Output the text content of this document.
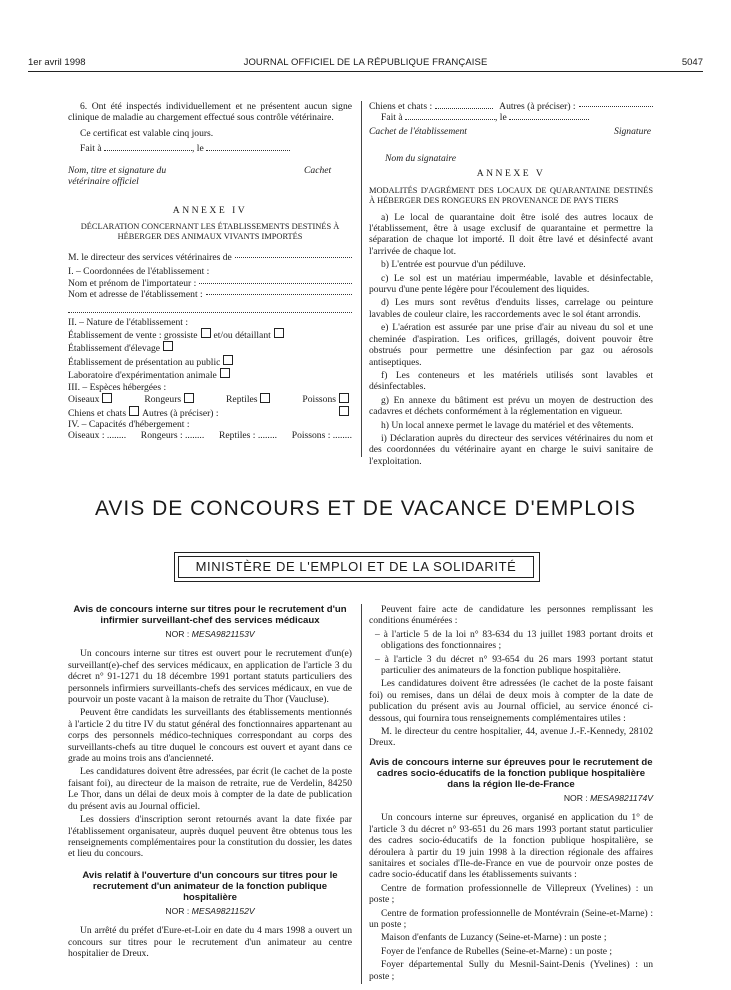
1er avril 1998	JOURNAL OFFICIEL DE LA RÉPUBLIQUE FRANÇAISE	5047

6. Ont été inspectés individuellement et ne présentent aucun signe clinique de maladie au chargement effectué sous contrôle vétérinaire.

Ce certificat est valable cinq jours.

Fait à	, le

Nom, titre et signature du vétérinaire officiel
Cachet
ANNEXE IV
DÉCLARATION CONCERNANT LES ÉTABLISSEMENTS DESTINÉS À HÉBERGER DES ANIMAUX VIVANTS IMPORTÉS
M. le directeur des services vétérinaires de
I. – Coordonnées de l'établissement :
Nom et prénom de l'importateur :
Nom et adresse de l'établissement :
II. – Nature de l'établissement :
Établissement de vente : grossiste et/ou détaillant
Établissement d'élevage
Établissement de présentation au public
Laboratoire d'expérimentation animale
III. – Espèces hébergées :
Oiseaux	Rongeurs	Reptiles	Poissons
Chiens et chats Autres (à préciser) :
IV. – Capacités d'hébergement :
Oiseaux : ........ Rongeurs : ........ Reptiles : ........ Poissons : ........
Chiens et chats :	Autres (à préciser) :

Fait à	, le

Cachet de l'établissement	Signature
Nom du signataire
ANNEXE V
MODALITÉS D'AGRÉMENT DES LOCAUX DE QUARANTAINE DESTINÉS À HÉBERGER DES RONGEURS EN PROVENANCE DE PAYS TIERS

a) Le local de quarantaine doit être isolé des autres locaux de l'établissement, être à usage exclusif de quarantaine et permettre la séparation de chaque lot importé. Il doit être lavé et désinfecté avant l'arrivée de chaque lot.

b) L'entrée est pourvue d'un pédiluve.

c) Le sol est un matériau imperméable, lavable et désinfectable, pourvu d'une pente légère pour l'écoulement des liquides.

d) Les murs sont revêtus d'enduits lisses, carrelage ou peinture lavables de couleur claire, les raccordements avec le sol étant arrondis.

e) L'aération est assurée par une prise d'air au niveau du sol et une cheminée d'aspiration. Les orifices, grillagés, doivent pouvoir être obstrués pour permettre une désinfection par gaz ou aérosols antiseptiques.

f) Les conteneurs et les matériels utilisés sont lavables et désinfectables.

g) En annexe du bâtiment est prévu un moyen de destruction des cadavres et déchets conformément à la réglementation en vigueur.

h) Un local annexe permet le lavage du matériel et des vêtements.

i) Déclaration auprès du directeur des services vétérinaires du nom et des coordonnées du vétérinaire ayant en charge le suivi sanitaire de l'exploitation.

AVIS DE CONCOURS ET DE VACANCE D'EMPLOIS
MINISTÈRE DE L'EMPLOI ET DE LA SOLIDARITÉ
Avis de concours interne sur titres pour le recrutement d'un infirmier surveillant-chef des services médicaux
NOR : MESA9821153V

Un concours interne sur titres est ouvert pour le recrutement d'un(e) surveillant(e)-chef des services médicaux, en application de l'article 3 du décret n° 91-1271 du 18 décembre 1991 portant statuts particuliers des personnels infirmiers surveillants-chefs des services médicaux, en vue de pourvoir un poste vacant à la maison de retraite du Thor (Vaucluse).

Peuvent être candidats les surveillants des établissements mentionnés à l'article 2 du titre IV du statut général des fonctionnaires appartenant au corps des personnels médico-techniques correspondant au corps des surveillants-chefs au titre duquel le concours est ouvert et ayant dans ce grade au moins trois ans d'ancienneté.

Les candidatures doivent être adressées, par écrit (le cachet de la poste faisant foi), au directeur de la maison de retraite, rue de Verdelin, 84250 Le Thor, dans un délai de deux mois à compter de la date de publication du présent avis au Journal officiel.

Les dossiers d'inscription seront retournés avant la date fixée par l'établissement organisateur, auprès duquel peuvent être obtenus tous les renseignements complémentaires pour la constitution du dossier, les dates et lieu du concours.

Avis relatif à l'ouverture d'un concours sur titres pour le recrutement d'un animateur de la fonction publique hospitalière
NOR : MESA9821152V

Un arrêté du préfet d'Eure-et-Loir en date du 4 mars 1998 a ouvert un concours sur titres pour le recrutement d'un animateur au centre hospitalier de Dreux.

Peuvent faire acte de candidature les personnes remplissant les conditions énumérées :

– à l'article 5 de la loi n° 83-634 du 13 juillet 1983 portant droits et obligations des fonctionnaires ;

– à l'article 3 du décret n° 93-654 du 26 mars 1993 portant statut particulier des animateurs de la fonction publique hospitalière.

Les candidatures doivent être adressées (le cachet de la poste faisant foi) ou remises, dans un délai de deux mois à compter de la date de publication du présent avis au Journal officiel, au service énoncé ci-dessous, qui fournira tous renseignements complémentaires utiles :

M. le directeur du centre hospitalier, 44, avenue J.-F.-Kennedy, 28102 Dreux.

Avis de concours interne sur épreuves pour le recrutement de cadres socio-éducatifs de la fonction publique hospitalière dans la région Ile-de-France
NOR : MESA9821174V

Un concours interne sur épreuves, organisé en application du 1° de l'article 3 du décret n° 93-651 du 26 mars 1993 portant statut particulier des cadres socio-éducatifs de la fonction publique hospitalière, se déroulera à partir du 19 juin 1998 à la direction régionale des affaires sanitaires et sociales d'Ile-de-France en vue de pourvoir onze postes de cadre socio-éducatif dans les établissements suivants :

Centre de formation professionnelle de Villepreux (Yvelines) : un poste ;

Centre de formation professionnelle de Montévrain (Seine-et-Marne) : un poste ;

Maison d'enfants de Luzancy (Seine-et-Marne) : un poste ;

Foyer de l'enfance de Rubelles (Seine-et-Marne) : un poste ;

Foyer départemental Sully du Mesnil-Saint-Denis (Yvelines) : un poste ;
